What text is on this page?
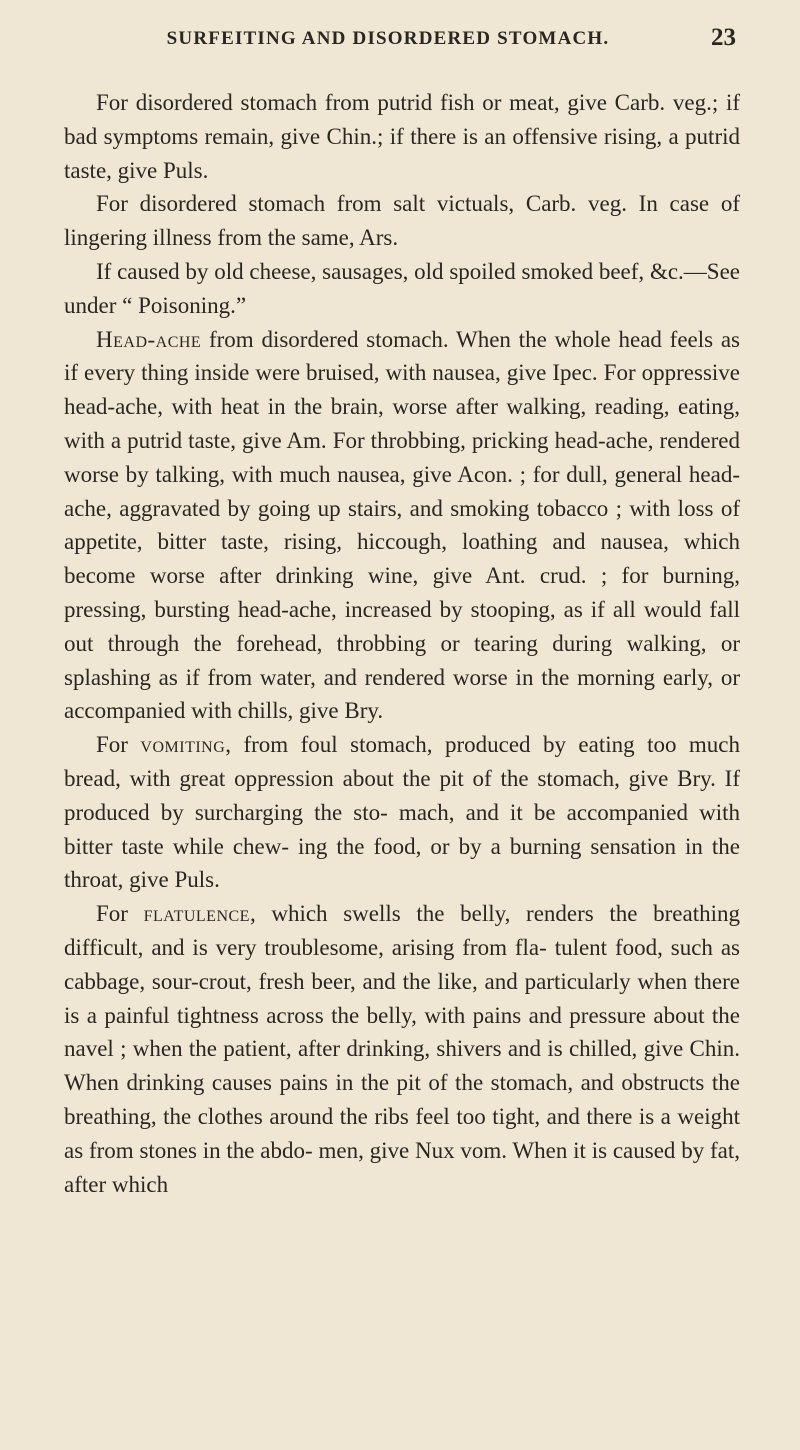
SURFEITING AND DISORDERED STOMACH.	23

For disordered stomach from putrid fish or meat, give Carb. veg.; if bad symptoms remain, give Chin.; if there is an offensive rising, a putrid taste, give Puls.

For disordered stomach from salt victuals, Carb. veg. In case of lingering illness from the same, Ars.

If caused by old cheese, sausages, old spoiled smoked beef, &c.—See under “ Poisoning.”

Head-ache from disordered stomach. When the whole head feels as if every thing inside were bruised, with nausea, give Ipec. For oppressive head-ache, with heat in the brain, worse after walking, reading, eating, with a putrid taste, give Am. For throbbing, pricking head-ache, rendered worse by talking, with much nausea, give Acon. ; for dull, general head-ache, aggravated by going up stairs, and smoking tobacco ; with loss of appetite, bitter taste, rising, hiccough, loathing and nausea, which become worse after drinking wine, give Ant. crud. ; for burning, pressing, bursting head-ache, increased by stooping, as if all would fall out through the forehead, throbbing or tearing during walking, or splashing as if from water, and rendered worse in the morning early, or accompanied with chills, give Bry.

For vomiting, from foul stomach, produced by eating too much bread, with great oppression about the pit of the stomach, give Bry. If produced by surcharging the sto- mach, and it be accompanied with bitter taste while chew- ing the food, or by a burning sensation in the throat, give Puls.

For flatulence, which swells the belly, renders the breathing difficult, and is very troublesome, arising from fla- tulent food, such as cabbage, sour-crout, fresh beer, and the like, and particularly when there is a painful tightness across the belly, with pains and pressure about the navel ; when the patient, after drinking, shivers and is chilled, give Chin. When drinking causes pains in the pit of the stomach, and obstructs the breathing, the clothes around the ribs feel too tight, and there is a weight as from stones in the abdo- men, give Nux vom. When it is caused by fat, after which
